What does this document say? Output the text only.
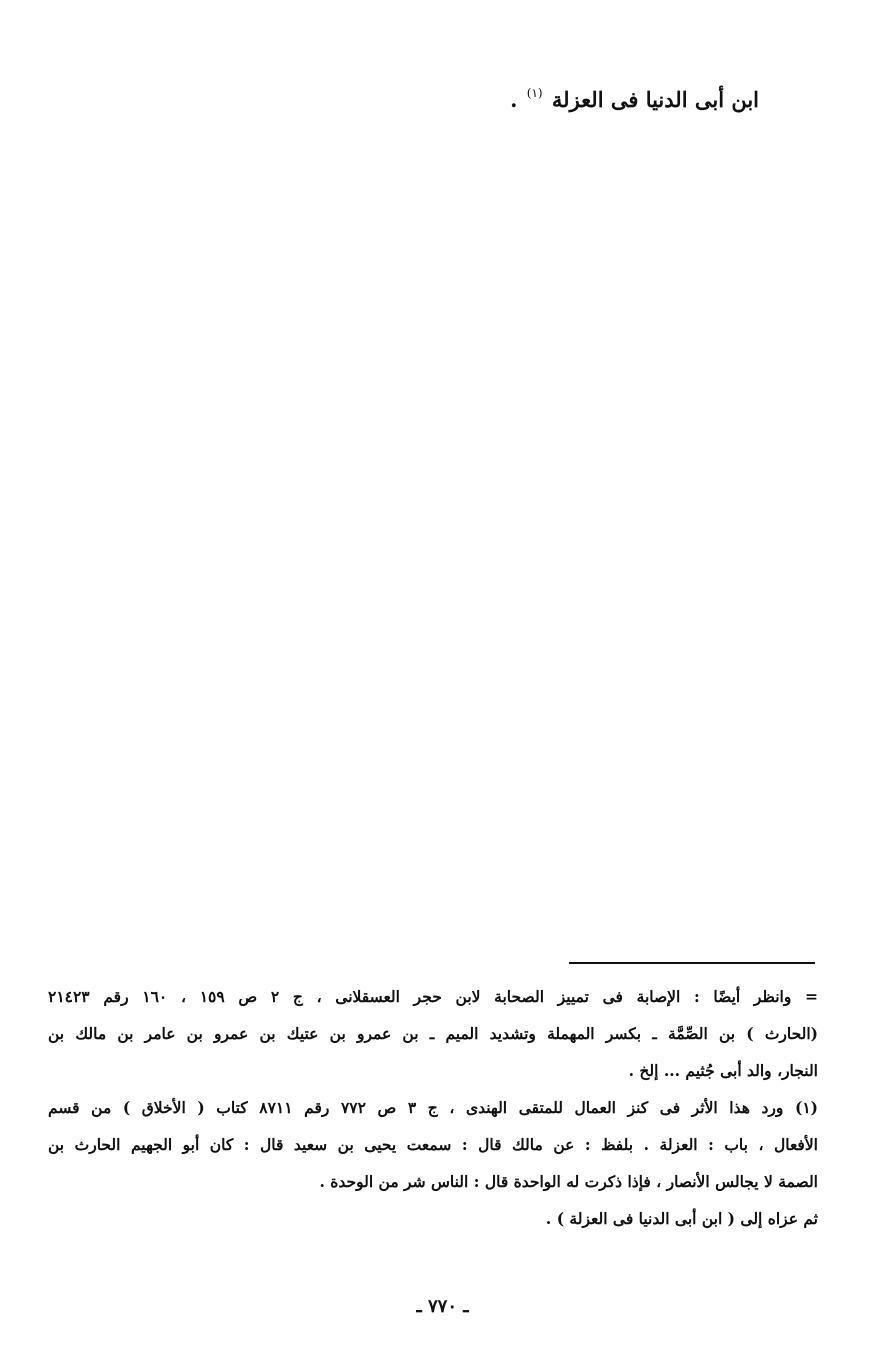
ابن أبى الدنيا فى العزلة $^{(١)}$ .
= وانظر أيضًا : الإصابة فى تمييز الصحابة لابن حجر العسقلانى ، ج ٢ ص ١٥٩ ، ١٦٠ رقم ٢١٤٢٣
(الحارث ) بن الصِّمَّة ـ بكسر المهملة وتشديد الميم ـ بن عمرو بن عتيك بن عمرو بن عامر بن مالك بن
النجار، والد أبى جُثيم ... إلخ .
(١) ورد هذا الأثر فى كنز العمال للمتقى الهندى ، ج ٣ ص ٧٧٢ رقم ٨٧١١ كتاب ( الأخلاق ) من قسم
الأفعال ، باب : العزلة . بلفظ : عن مالك قال : سمعت يحيى بن سعيد قال : كان أبو الجهيم الحارث بن
الصمة لا يجالس الأنصار ، فإذا ذكرت له الواحدة قال : الناس شر من الوحدة .
ثم عزاه إلى ( ابن أبى الدنيا فى العزلة ) .
ـ ٧٧٠ ـ
